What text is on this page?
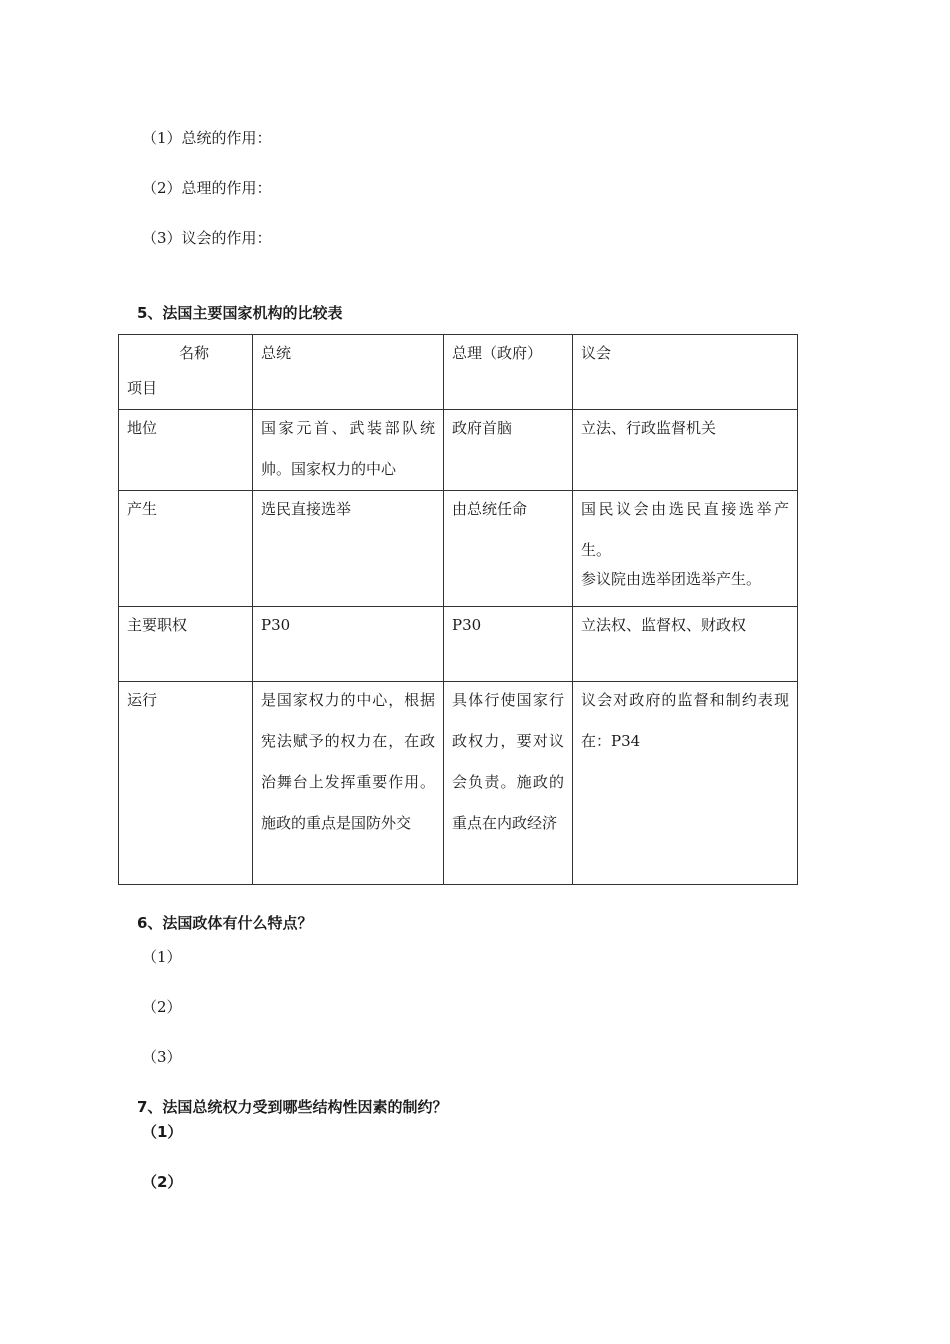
（1）总统的作用：
（2）总理的作用：
（3）议会的作用：
5、法国主要国家机构的比较表
名称
项目	总统	总理（政府）	议会

地位	国家元首、武装部队统帅。国家权力的中心	政府首脑	立法、行政监督机关

产生	选民直接选举	由总统任命	国民议会由选民直接选举产生。
参议院由选举团选举产生。

主要职权	P30	P30	立法权、监督权、财政权

运行	是国家权力的中心，根据宪法赋予的权力在，在政治舞台上发挥重要作用。施政的重点是国防外交	具体行使国家行政权力，要对议会负责。施政的重点在内政经济	议会对政府的监督和制约表现在：P34
6、法国政体有什么特点？
（1）
（2）
（3）
7、法国总统权力受到哪些结构性因素的制约？
（1）
（2）
